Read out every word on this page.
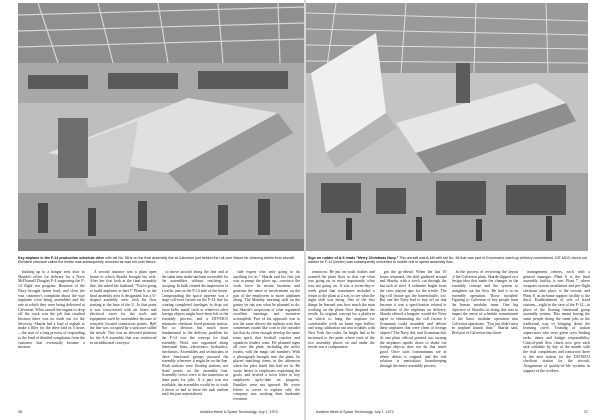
Key airplane in the F-14 production schedule drive with tail No. 58 is on the final assembly line at Calverton just behind the roll-over fixture for cleaning debris from aircraft. Elevated structure called the trestle was subsequently removed as was roll-over fixture.

backing up to a hangar next door to Skarda's office for delivery for a Navy McDonnell Douglas F-4 supporting the F-14 flight test program. Reaction of the Navy brought home loud, and clear the vast customer's complaint about the way airplanes were being assembled and the rate at which they were being delivered at Calverton. What caused the engine to drop off the truck was the job that resulted because there was no earth out for the driveway. Skarda had a load of asphalt to make a filler for the drive laid in 3 hours—the start of a long process of responding to the kind of detailed complaints from the customer that eventually became a mission.

A second instance was a plant open house to which Skarda brought his wife. After her first look at the final assembly line, she asked her husband: "You're going to build airplanes in here?" Plant 6, as the final assembly area is designated, has a U-shaped assembly area, with the flow starting at the base of the U. At that point it was crisscrossed with air hoses and electrical wires for the tools and equipment used by assemblers because of remotely located connection points. Half the line was occupied by a structure called the trestle. This was an elevated platform for the A-6 assembly that was reinforced as an additional conveyor

to move aircraft along the line and at the same time make uniform accessible for the assemblers without reaching or stooping. In bulk created the impression of a traffic jam on the F-14 side of the house. Compounding the space squeeze was a large roll-over fixture on the F-14 line for rotating completed fuselages to drop out loose bolts, metal, tools or whatever other foreign objects might have been left in the assembly process, and a DIT-MCO automatic checkout fixed-position station. Not so obvious but much more fundamental to the delivery problem for the F-14 was the concept for final assembly. Work was organized along functional lines—electronics, hydraulics, mechanics. Assemblies and technicians in these functional groups pursued the assembly wherever it might be on the line. Work stations were floating stations, not fixed points on the assembly line. Assembly crews were to the numerous as done parts for jobs. If a part was not available, the assembler would try to track it down or had to leave the task undone until the part materialized.

side expert who only going to do anything for us." Skarda said his first job was to pump the place up—convince the work force he meant business and generate the sense of involvement on the part of the employees to move airplanes along. The Monday morning staff on the gantry he ran was what he planned to do, but Skarda's suspicions of what organized excellent meetings and inventive accomplish. Part of his approach was to use the same drivers the military uses that sometimes sound like corn to the outsider but that do often enough develop the same team spirit that football coaches and squadron leaders want. He planned signs all over the plant, including the men's rooms, with the magic tail numbers. With a photograph brought into the plant, he placed matching items in the afternoon when the pilot listed this had set in. He wrote letters to employees explaining the goals, and invited a town letter to key employees up-to-date on progress. Families were not ignored. He wrote letters to wives to explain why the company was working their husbands overtime.

36	Aviation Week & Space Technology, July 1, 1974
Sign on rudder of A-6 reads "Merry Christmas Navy." This aircraft was A-6M with tail No. 36 that was part of Grumman's catch-up delivery commitment. DIT-MCO check-out station for F-14 (center) was subsequently converted to mobile unit to speed assembly flow.

tomorrow. He put on work clothes and roamed the plant floor so that cue what was going on, or more importantly, what was not going on. It was a seven-day-a-week grind that sometimes included a return to the plant at 2 a.m. to see what the night shift was doing. One of the first things he learned was how much the man working on the plane floor despised the trestle. Its original concept for a platform on which to hang the airplane for comfortable work on beam type brillies and wing calibration ran into troubles with New York fire codes. Its height had to be increased to the point where each of the two assembly places on and under the trestle was a compromise.

got the go-ahead. When the last 10 hours remained, the shift gathered around and Skarda, with a torch, cut through the last tack of steel. A volunteer bugler from the crew played taps for the trestle. The big roll fixture got the boneschuttle, too. But one the Navy had to buy off on that because it was a specification related to cleanliness of the airplanes on delivery. Skarda offered a bargain: would the Navy agree to eliminating the roll fixture if Grumman could assemble and deliver these airplanes that were clean of foreign objects? The Navy did, and Grumman did. At one plant official pointed out, turning the airplanes upside down to shake out foreign objects does not do that much good. Once such contaminants are in where debris is trapped, and the real solution is meticulous housekeeping through the entire assembly process.

In the process of reviewing the layout of the Calverton plant, Skarda slipped on a design idea that made the changes in the assembly concept and the system to straighten out the flow. He had it in on assembly operation. Those included: Figuring to Calverton of key people from the Inman modular team. One big objective of Skarda's in doing this was to impart the sense of schedule commitment of the basic modular operation into Calverton operations. "You just didn't miss an airplane launch date," Skarda said. Division of Calverton into three

management centers, each with a general manager. Plant 6 is the final assembly facility, is one. Plant 7, where weapons system installation and pre-flight checkout take place, is the second, and Plant 8, as airframe support facility is the third. Establishment of sets of fixed stations—eight in the case of the F-14—in place of the floating functional group assembly system. This meant having the same people doing the same jobs in the traditional way of bringing down the learning curve. Training of station supervisors who were given crew leading tasks, times and budget responsibility. Critical-path flow charts now give each task schedule by day of the month with the vital completions and tomorrow there to the next station for the DIT-MCO checkout station for the aircraft. Assignment of quality-of-life systems in support of the workers.

Aviation Week & Space Technology, July 1, 1974	37
